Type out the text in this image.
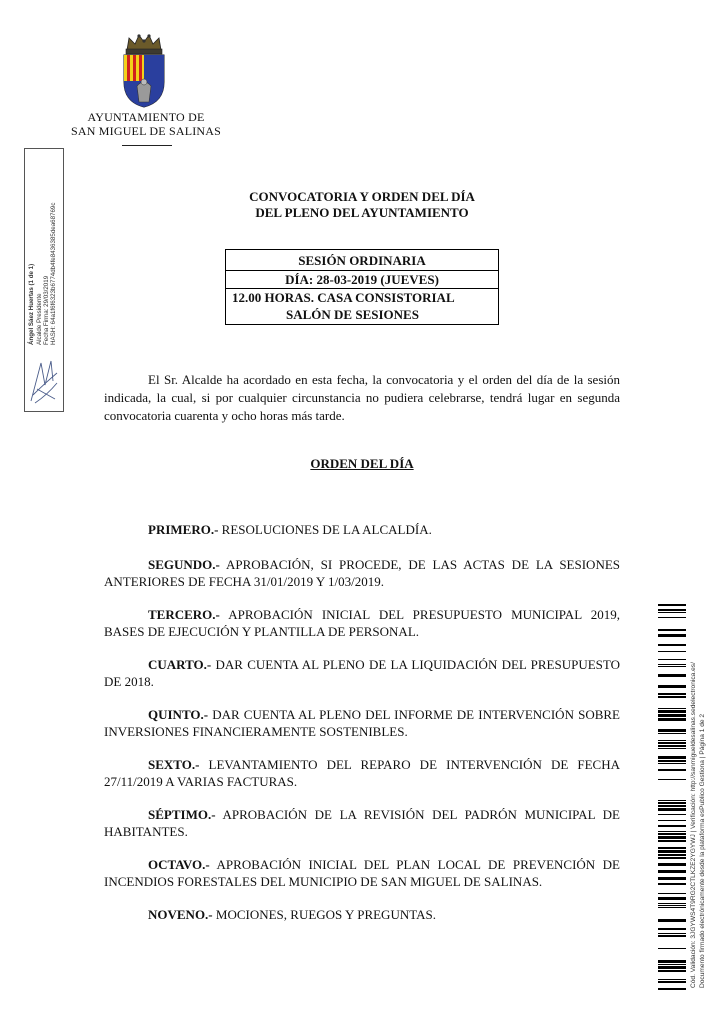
AYUNTAMIENTO DE
SAN MIGUEL DE SALINAS
Ángel Sáez Huertas (1 de 1) Alcalde Presidente Fecha Firma: 29/03/2019 HASH: 64a1f6f6323b6774db4fe8436385dea68769c
CONVOCATORIA Y ORDEN DEL DÍA
DEL PLENO DEL AYUNTAMIENTO
SESIÓN ORDINARIA
DÍA: 28-03-2019 (JUEVES)
12.00 HORAS. CASA CONSISTORIAL
SALÓN DE SESIONES
El Sr. Alcalde ha acordado en esta fecha, la convocatoria y el orden del día de la sesión indicada, la cual, si por cualquier circunstancia no pudiera celebrarse, tendrá lugar en segunda convocatoria cuarenta y ocho horas más tarde.
ORDEN DEL DÍA
PRIMERO.- RESOLUCIONES DE LA ALCALDÍA.
SEGUNDO.- APROBACIÓN, SI PROCEDE, DE LAS ACTAS DE LA SESIONES ANTERIORES DE FECHA 31/01/2019 Y 1/03/2019.
TERCERO.- APROBACIÓN INICIAL DEL PRESUPUESTO MUNICIPAL 2019, BASES DE EJECUCIÓN Y PLANTILLA DE PERSONAL.
CUARTO.- DAR CUENTA AL PLENO DE LA LIQUIDACIÓN DEL PRESUPUESTO DE 2018.
QUINTO.- DAR CUENTA AL PLENO DEL INFORME DE INTERVENCIÓN SOBRE INVERSIONES FINANCIERAMENTE SOSTENIBLES.
SEXTO.- LEVANTAMIENTO DEL REPARO DE INTERVENCIÓN DE FECHA 27/11/2019 A VARIAS FACTURAS.
SÉPTIMO.- APROBACIÓN DE LA REVISIÓN DEL PADRÓN MUNICIPAL DE HABITANTES.
OCTAVO.- APROBACIÓN INICIAL DEL PLAN LOCAL DE PREVENCIÓN DE INCENDIOS FORESTALES DEL MUNICIPIO DE SAN MIGUEL DE SALINAS.
NOVENO.- MOCIONES, RUEGOS Y PREGUNTAS.	Cód. Validación: 3JGYWS4T9RG2CTLKZE2YGYWJ | Verificación: http://sanmigueldesalinas.sedelectronica.es/ Documento firmado electrónicamente desde la plataforma esPublico Gestiona | Página 1 de 2
